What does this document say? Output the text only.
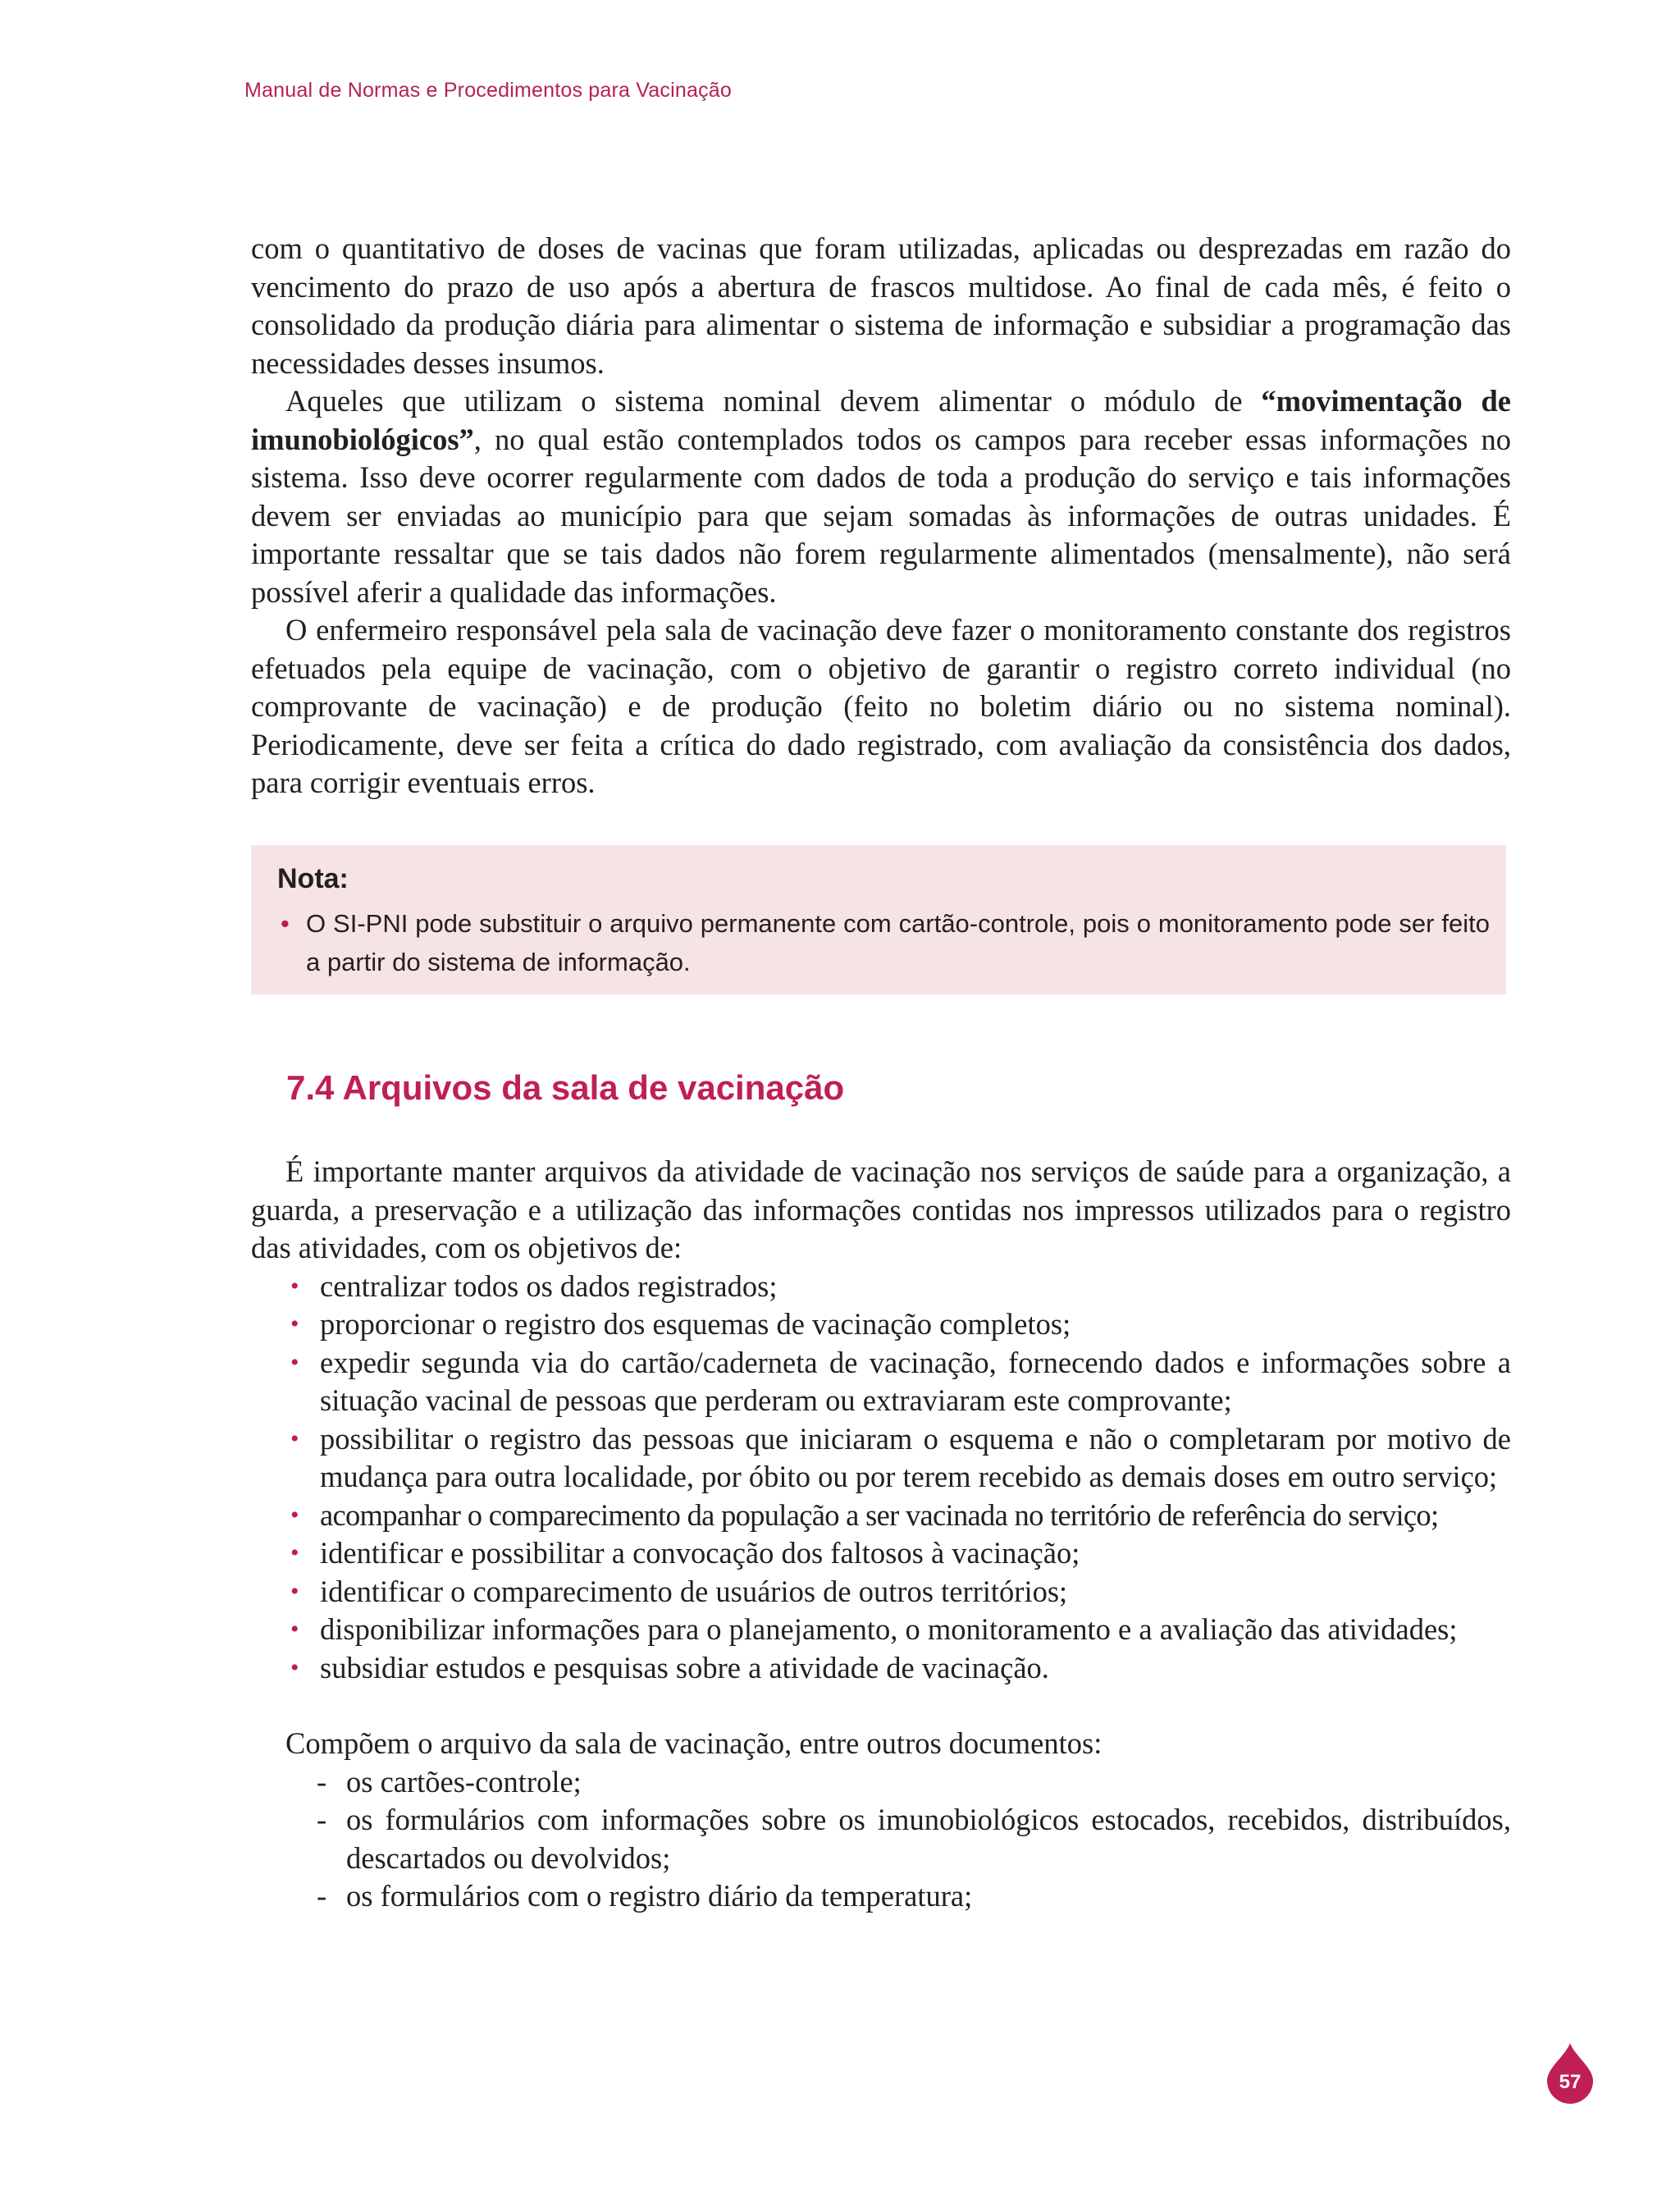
Manual de Normas e Procedimentos para Vacinação

com o quantitativo de doses de vacinas que foram utilizadas, aplicadas ou desprezadas em razão do vencimento do prazo de uso após a abertura de frascos multidose. Ao final de cada mês, é feito o consolidado da produção diária para alimentar o sistema de informação e subsidiar a programação das necessidades desses insumos.

Aqueles que utilizam o sistema nominal devem alimentar o módulo de “movimentação de imunobiológicos”, no qual estão contemplados todos os campos para receber essas informações no sistema. Isso deve ocorrer regularmente com dados de toda a produção do serviço e tais informações devem ser enviadas ao município para que sejam somadas às informações de outras unidades. É importante ressaltar que se tais dados não forem regularmente alimentados (mensalmente), não será possível aferir a qualidade das informações.

O enfermeiro responsável pela sala de vacinação deve fazer o monitoramento constante dos registros efetuados pela equipe de vacinação, com o objetivo de garantir o registro correto individual (no comprovante de vacinação) e de produção (feito no boletim diário ou no sistema nominal). Periodicamente, deve ser feita a crítica do dado registrado, com avaliação da consistência dos dados, para corrigir eventuais erros.

Nota:
• O SI-PNI pode substituir o arquivo permanente com cartão-controle, pois o monitoramento pode ser feito a partir do sistema de informação.
7.4 Arquivos da sala de vacinação

É importante manter arquivos da atividade de vacinação nos serviços de saúde para a organização, a guarda, a preservação e a utilização das informações contidas nos impressos utilizados para o registro das atividades, com os objetivos de:

• centralizar todos os dados registrados;
• proporcionar o registro dos esquemas de vacinação completos;
• expedir segunda via do cartão/caderneta de vacinação, fornecendo dados e informações sobre a situação vacinal de pessoas que perderam ou extraviaram este comprovante;
• possibilitar o registro das pessoas que iniciaram o esquema e não o completaram por motivo de mudança para outra localidade, por óbito ou por terem recebido as demais doses em outro serviço;
• acompanhar o comparecimento da população a ser vacinada no território de referência do serviço;
• identificar e possibilitar a convocação dos faltosos à vacinação;
• identificar o comparecimento de usuários de outros territórios;
• disponibilizar informações para o planejamento, o monitoramento e a avaliação das atividades;
• subsidiar estudos e pesquisas sobre a atividade de vacinação.

Compõem o arquivo da sala de vacinação, entre outros documentos:

- os cartões-controle;
- os formulários com informações sobre os imunobiológicos estocados, recebidos, distribuídos, descartados ou devolvidos;
- os formulários com o registro diário da temperatura;
57
